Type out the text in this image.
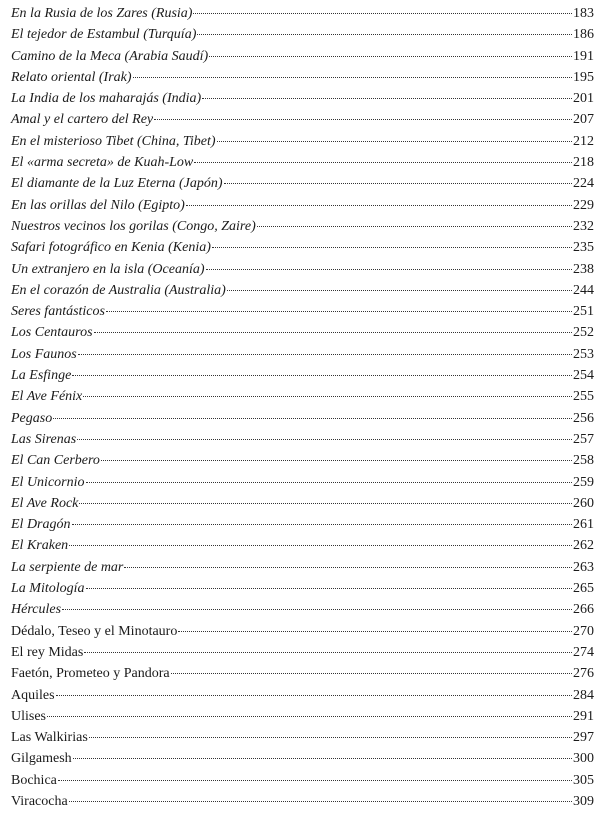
En la Rusia de los Zares (Rusia)	183
El tejedor de Estambul (Turquía)	186
Camino de la Meca (Arabia Saudí)	191
Relato oriental (Irak)	195
La India de los maharajás (India)	201
Amal y el cartero del Rey	207
En el misterioso Tibet (China, Tibet)	212
El «arma secreta» de Kuah-Low	218
El diamante de la Luz Eterna (Japón)	224
En las orillas del Nilo (Egipto)	229
Nuestros vecinos los gorilas (Congo, Zaire)	232
Safari fotográfico en Kenia (Kenia)	235
Un extranjero en la isla (Oceanía)	238
En el corazón de Australia (Australia)	244
Seres fantásticos	251
Los Centauros	252
Los Faunos	253
La Esfinge	254
El Ave Fénix	255
Pegaso	256
Las Sirenas	257
El Can Cerbero	258
El Unicornio	259
El Ave Rock	260
El Dragón	261
El Kraken	262
La serpiente de mar	263
La Mitología	265
Hércules	266
Dédalo, Teseo y el Minotauro	270
El rey Midas	274
Faetón, Prometeo y Pandora	276
Aquiles	284
Ulises	291
Las Walkirias	297
Gilgamesh	300
Bochica	305
Viracocha	309
